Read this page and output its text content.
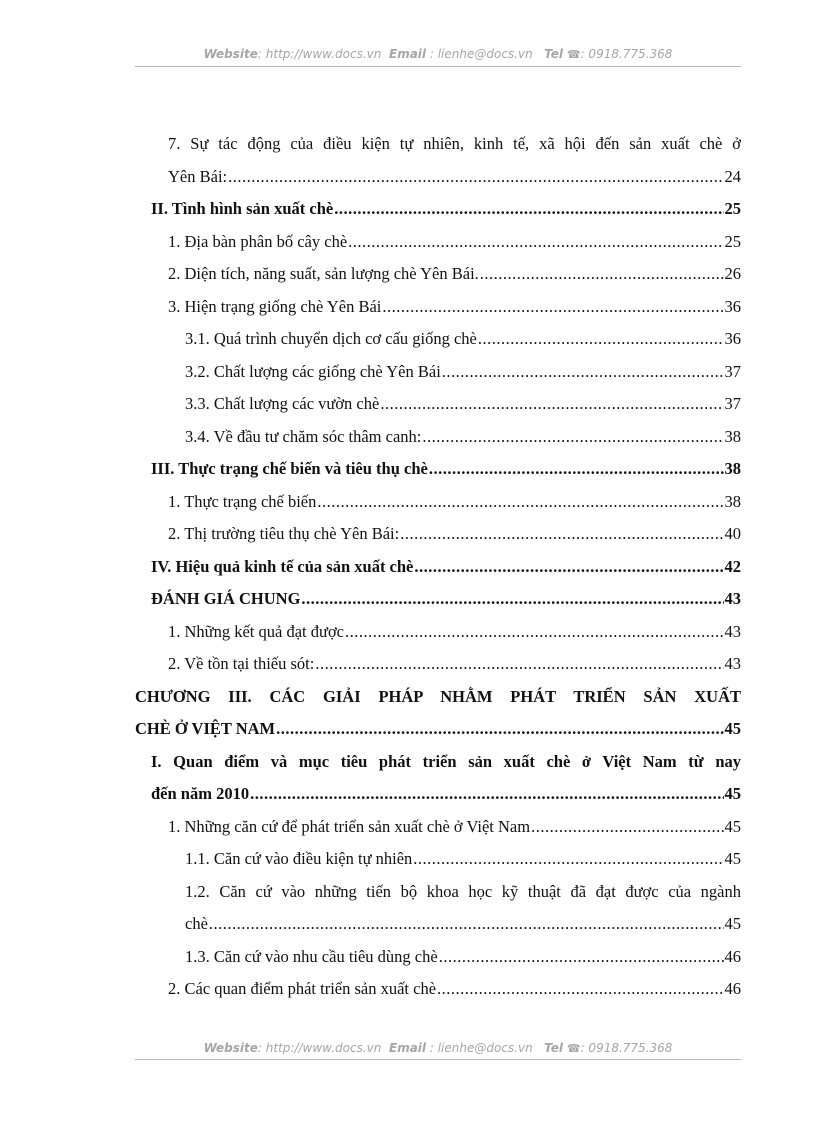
Website: http://www.docs.vn Email : lienhe@docs.vn Tel ☎: 0918.775.368
7. Sự tác động của điều kiện tự nhiên, kinh tế, xã hội đến sản xuất chè ở
Yên Bái: .....	24
II. Tình hình sản xuất chè .....	25
1. Địa bàn phân bố cây chè .....	25
2. Diện tích, năng suất, sản lượng chè Yên Bái. .....	26
3. Hiện trạng giống chè Yên Bái .....	36
3.1. Quá trình chuyển dịch cơ cấu giống chè .....	36
3.2. Chất lượng các giống chè Yên Bái .....	37
3.3. Chất lượng các vườn chè .....	37
3.4. Về đầu tư chăm sóc thâm canh: .....	38
III. Thực trạng chế biến và tiêu thụ chè .....	38
1. Thực trạng chế biến .....	38
2. Thị trường tiêu thụ chè Yên Bái: .....	40
IV. Hiệu quả kinh tế của sản xuất chè .....	42
ĐÁNH GIÁ CHUNG .....	43
1. Những kết quả đạt được .....	43
2. Về tồn tại thiếu sót: .....	43
CHƯƠNG III. CÁC GIẢI PHÁP NHẰM PHÁT TRIỂN SẢN XUẤT
CHÈ Ở VIỆT NAM .....	45
I. Quan điểm và mục tiêu phát triển sản xuất chè ở Việt Nam từ nay
đến năm 2010 .....	45
1. Những căn cứ để phát triển sản xuất chè ở Việt Nam .....	45
1.1. Căn cứ vào điều kiện tự nhiên .....	45
1.2. Căn cứ vào những tiến bộ khoa học kỹ thuật đã đạt được của ngành
chè .....	45
1.3. Căn cứ vào nhu cầu tiêu dùng chè .....	46
2. Các quan điểm phát triển sản xuất chè .....	46
Website: http://www.docs.vn Email : lienhe@docs.vn Tel ☎: 0918.775.368
